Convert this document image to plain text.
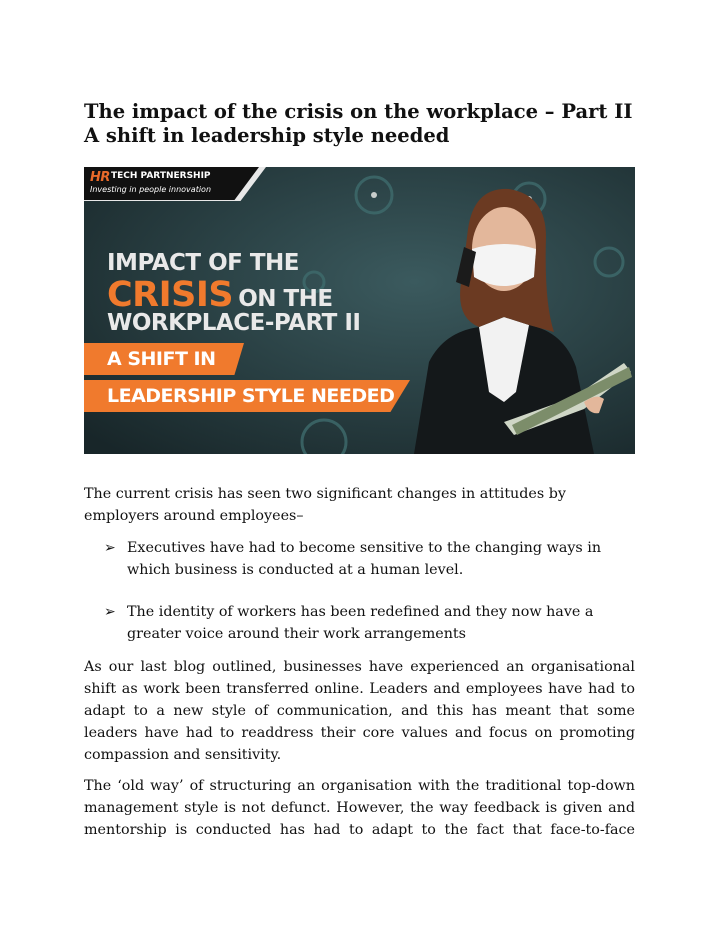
The impact of the crisis on the workplace – Part II
A shift in leadership style needed
HR TECH PARTNERSHIP
Investing in people innovation
IMPACT OF THE
CRISIS ON THE
WORKPLACE-PART II
A SHIFT IN
LEADERSHIP STYLE NEEDED

The current crisis has seen two significant changes in attitudes by employers around employees–

➢ Executives have had to become sensitive to the changing ways in which business is conducted at a human level.
➢ The identity of workers has been redefined and they now have a greater voice around their work arrangements

As our last blog outlined, businesses have experienced an organisational shift as work been transferred online. Leaders and employees have had to adapt to a new style of communication, and this has meant that some leaders have had to readdress their core values and focus on promoting compassion and sensitivity.

The ‘old way’ of structuring an organisation with the traditional top-down management style is not defunct. However, the way feedback is given and mentorship is conducted has had to adapt to the fact that face-to-face
